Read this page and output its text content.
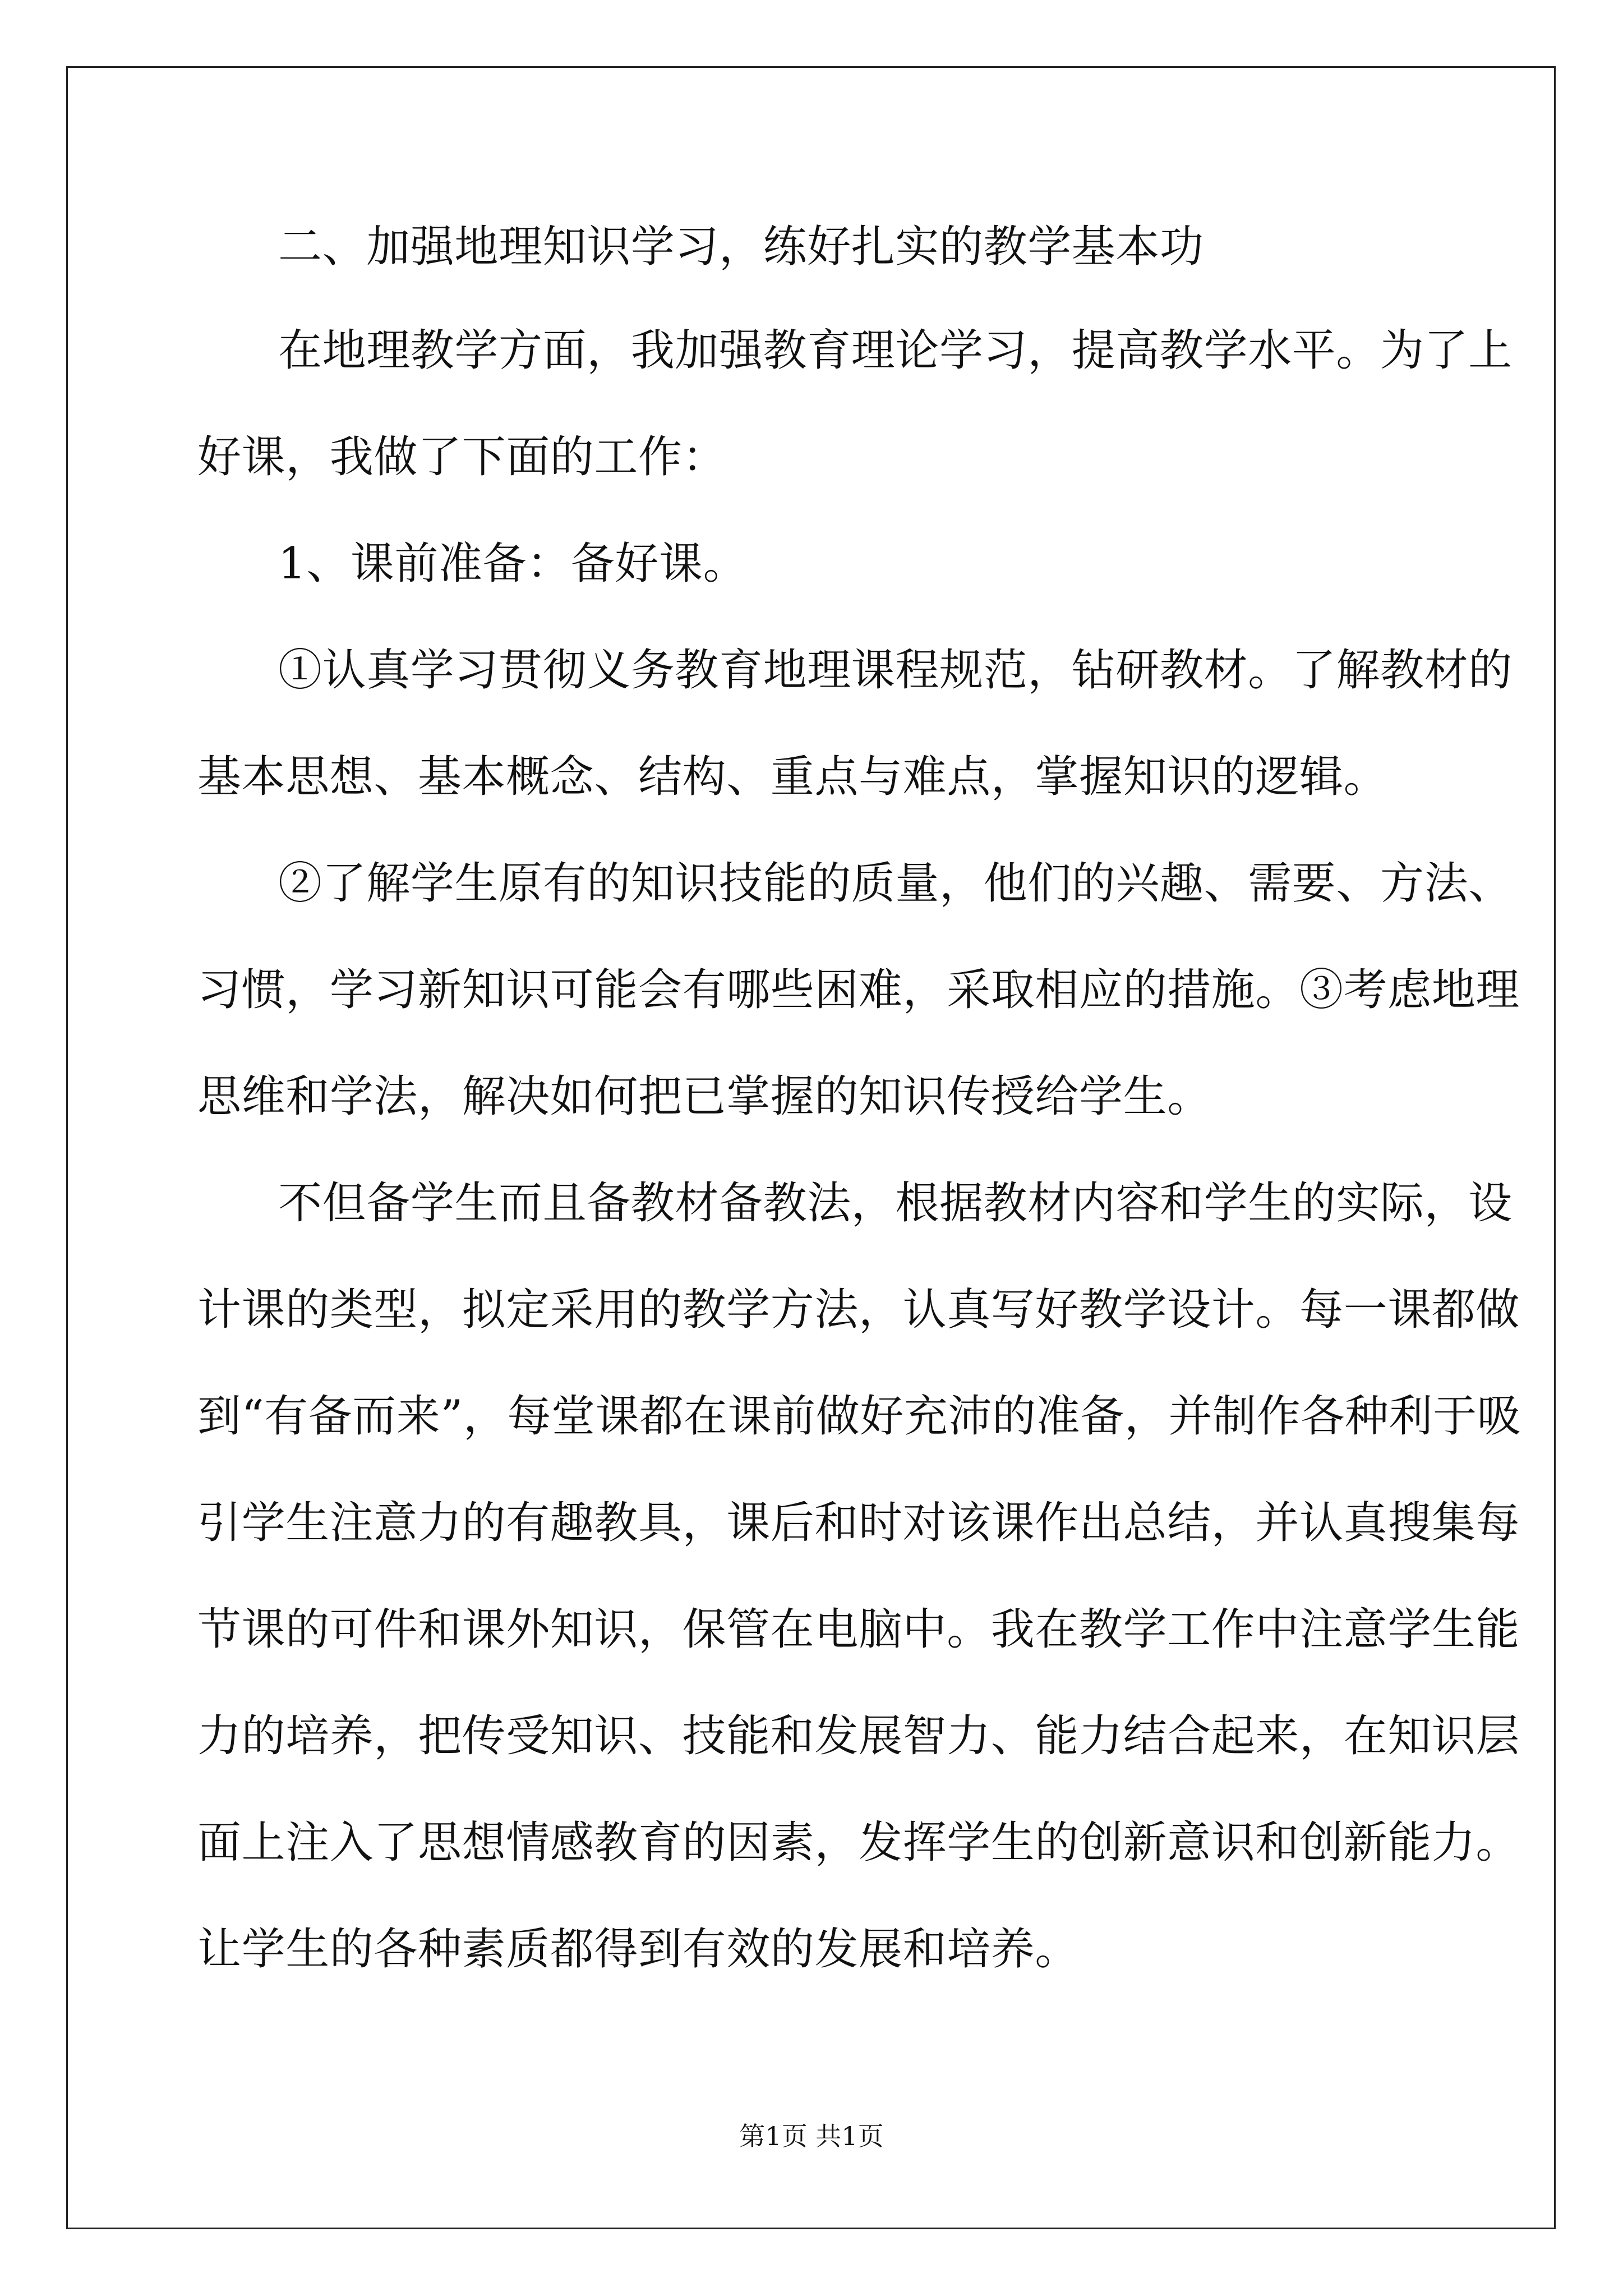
二、加强地理知识学习，练好扎实的教学基本功
在地理教学方面，我加强教育理论学习，提高教学水平。为了上
好课，我做了下面的工作：
1、课前准备：备好课。
①认真学习贯彻义务教育地理课程规范，钻研教材。了解教材的
基本思想、基本概念、结构、重点与难点，掌握知识的逻辑。
②了解学生原有的知识技能的质量，他们的兴趣、需要、方法、
习惯，学习新知识可能会有哪些困难，采取相应的措施。③考虑地理
思维和学法，解决如何把已掌握的知识传授给学生。
不但备学生而且备教材备教法，根据教材内容和学生的实际，设
计课的类型，拟定采用的教学方法，认真写好教学设计。每一课都做
到“有备而来”，每堂课都在课前做好充沛的准备，并制作各种利于吸
引学生注意力的有趣教具，课后和时对该课作出总结，并认真搜集每
节课的可件和课外知识，保管在电脑中。我在教学工作中注意学生能
力的培养，把传受知识、技能和发展智力、能力结合起来，在知识层
面上注入了思想情感教育的因素，发挥学生的创新意识和创新能力。
让学生的各种素质都得到有效的发展和培养。
第1页 共1页
